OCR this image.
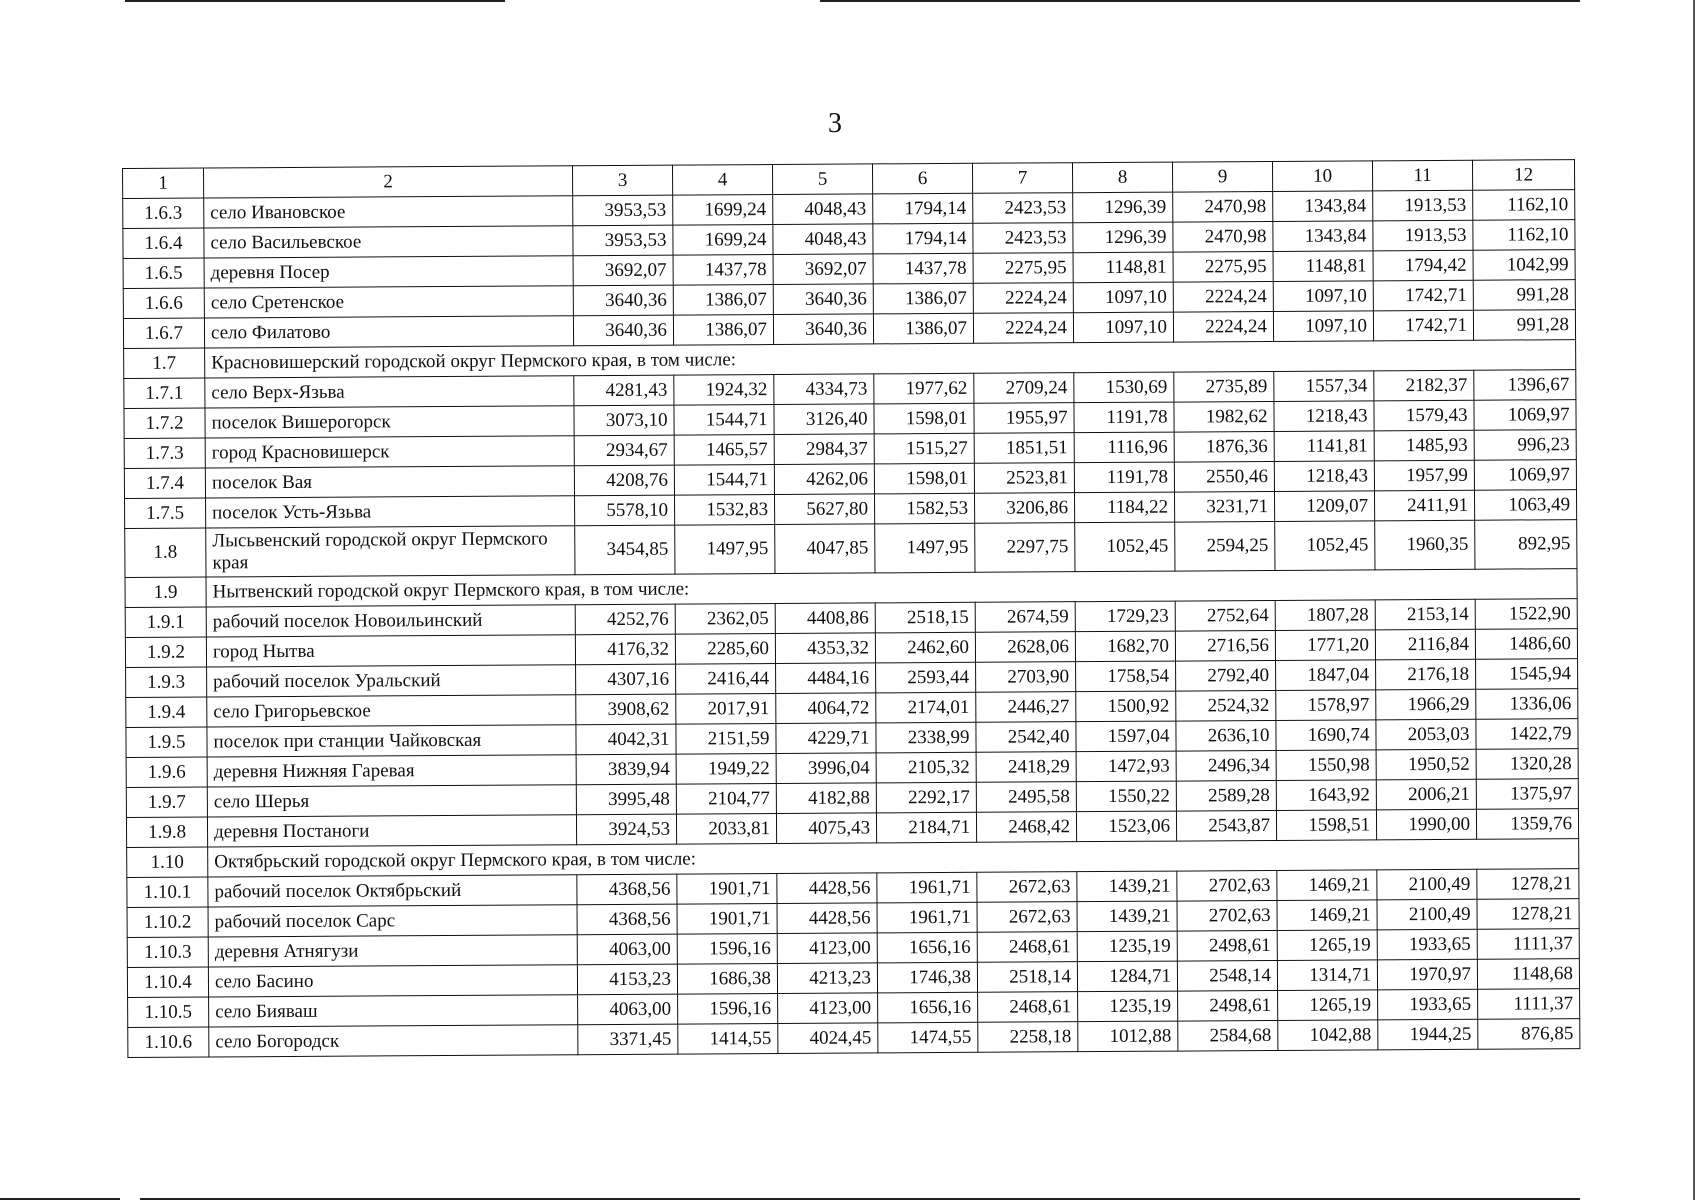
3
1	2	3	4	5	6	7	8	9	10	11	12
1.6.3	село Ивановское	3953,53	1699,24	4048,43	1794,14	2423,53	1296,39	2470,98	1343,84	1913,53	1162,10
1.6.4	село Васильевское	3953,53	1699,24	4048,43	1794,14	2423,53	1296,39	2470,98	1343,84	1913,53	1162,10
1.6.5	деревня Посер	3692,07	1437,78	3692,07	1437,78	2275,95	1148,81	2275,95	1148,81	1794,42	1042,99
1.6.6	село Сретенское	3640,36	1386,07	3640,36	1386,07	2224,24	1097,10	2224,24	1097,10	1742,71	991,28
1.6.7	село Филатово	3640,36	1386,07	3640,36	1386,07	2224,24	1097,10	2224,24	1097,10	1742,71	991,28
1.7	Красновишерский городской округ Пермского края, в том числе:										
1.7.1	село Верх-Язьва	4281,43	1924,32	4334,73	1977,62	2709,24	1530,69	2735,89	1557,34	2182,37	1396,67
1.7.2	поселок Вишерогорск	3073,10	1544,71	3126,40	1598,01	1955,97	1191,78	1982,62	1218,43	1579,43	1069,97
1.7.3	город Красновишерск	2934,67	1465,57	2984,37	1515,27	1851,51	1116,96	1876,36	1141,81	1485,93	996,23
1.7.4	поселок Вая	4208,76	1544,71	4262,06	1598,01	2523,81	1191,78	2550,46	1218,43	1957,99	1069,97
1.7.5	поселок Усть-Язьва	5578,10	1532,83	5627,80	1582,53	3206,86	1184,22	3231,71	1209,07	2411,91	1063,49
1.8	Лысьвенский городской округ Пермского края	3454,85	1497,95	4047,85	1497,95	2297,75	1052,45	2594,25	1052,45	1960,35	892,95
1.9	Нытвенский городской округ Пермского края, в том числе:										
1.9.1	рабочий поселок Новоильинский	4252,76	2362,05	4408,86	2518,15	2674,59	1729,23	2752,64	1807,28	2153,14	1522,90
1.9.2	город Нытва	4176,32	2285,60	4353,32	2462,60	2628,06	1682,70	2716,56	1771,20	2116,84	1486,60
1.9.3	рабочий поселок Уральский	4307,16	2416,44	4484,16	2593,44	2703,90	1758,54	2792,40	1847,04	2176,18	1545,94
1.9.4	село Григорьевское	3908,62	2017,91	4064,72	2174,01	2446,27	1500,92	2524,32	1578,97	1966,29	1336,06
1.9.5	поселок при станции Чайковская	4042,31	2151,59	4229,71	2338,99	2542,40	1597,04	2636,10	1690,74	2053,03	1422,79
1.9.6	деревня Нижняя Гаревая	3839,94	1949,22	3996,04	2105,32	2418,29	1472,93	2496,34	1550,98	1950,52	1320,28
1.9.7	село Шерья	3995,48	2104,77	4182,88	2292,17	2495,58	1550,22	2589,28	1643,92	2006,21	1375,97
1.9.8	деревня Постаноги	3924,53	2033,81	4075,43	2184,71	2468,42	1523,06	2543,87	1598,51	1990,00	1359,76
1.10	Октябрьский городской округ Пермского края, в том числе:										
1.10.1	рабочий поселок Октябрьский	4368,56	1901,71	4428,56	1961,71	2672,63	1439,21	2702,63	1469,21	2100,49	1278,21
1.10.2	рабочий поселок Сарс	4368,56	1901,71	4428,56	1961,71	2672,63	1439,21	2702,63	1469,21	2100,49	1278,21
1.10.3	деревня Атнягузи	4063,00	1596,16	4123,00	1656,16	2468,61	1235,19	2498,61	1265,19	1933,65	1111,37
1.10.4	село Басино	4153,23	1686,38	4213,23	1746,38	2518,14	1284,71	2548,14	1314,71	1970,97	1148,68
1.10.5	село Бияваш	4063,00	1596,16	4123,00	1656,16	2468,61	1235,19	2498,61	1265,19	1933,65	1111,37
1.10.6	село Богородск	3371,45	1414,55	4024,45	1474,55	2258,18	1012,88	2584,68	1042,88	1944,25	876,85
